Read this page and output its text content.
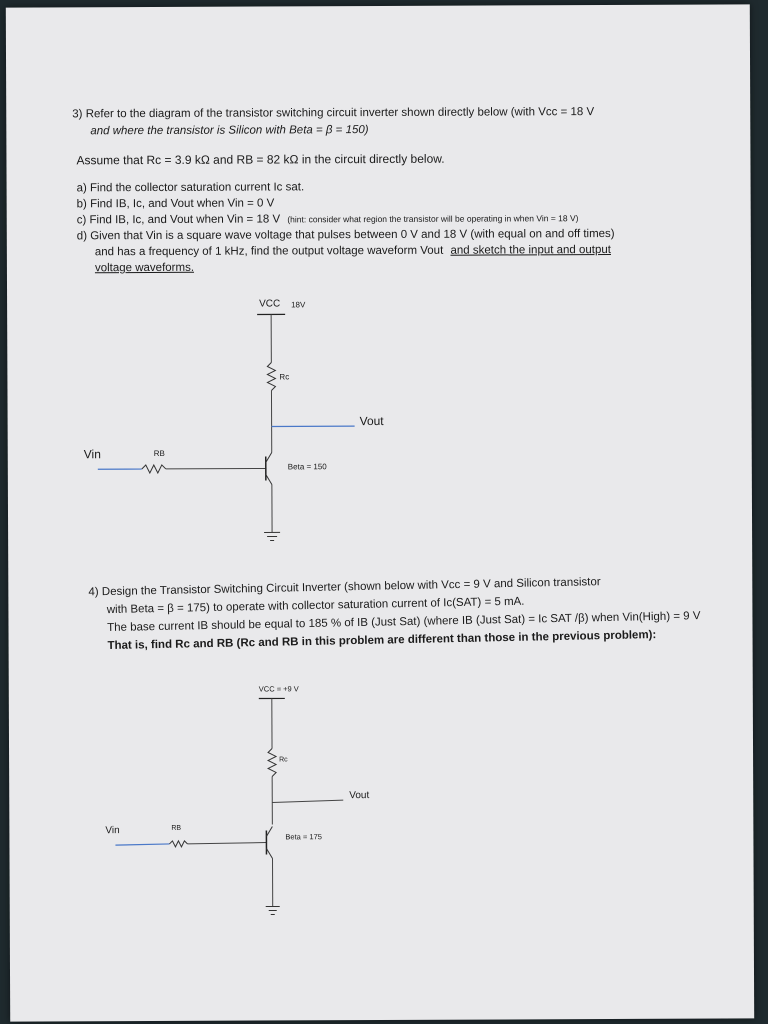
3) Refer to the diagram of the transistor switching circuit inverter shown directly below (with Vcc = 18 V
and where the transistor is Silicon with Beta = β = 150)
Assume that Rc = 3.9 kΩ and RB = 82 kΩ in the circuit directly below.
a) Find the collector saturation current Ic sat.
b) Find IB, Ic, and Vout when Vin = 0 V
c) Find IB, Ic, and Vout when Vin = 18 V (hint: consider what region the transistor will be operating in when Vin = 18 V)
d) Given that Vin is a square wave voltage that pulses between 0 V and 18 V (with equal on and off times)
and has a frequency of 1 kHz, find the output voltage waveform Vout and sketch the input and output
voltage waveforms.
VCC 18V
Rc
Vout
Vin	RB
Beta = 150
4) Design the Transistor Switching Circuit Inverter (shown below with Vcc = 9 V and Silicon transistor
with Beta = β = 175) to operate with collector saturation current of Ic(SAT) = 5 mA.
The base current IB should be equal to 185 % of IB (Just Sat) (where IB (Just Sat) = Ic SAT /β) when Vin(High) = 9 V
That is, find Rc and RB (Rc and RB in this problem are different than those in the previous problem):
VCC = +9 V
Rc
Vout
Vin	RB
Beta = 175
